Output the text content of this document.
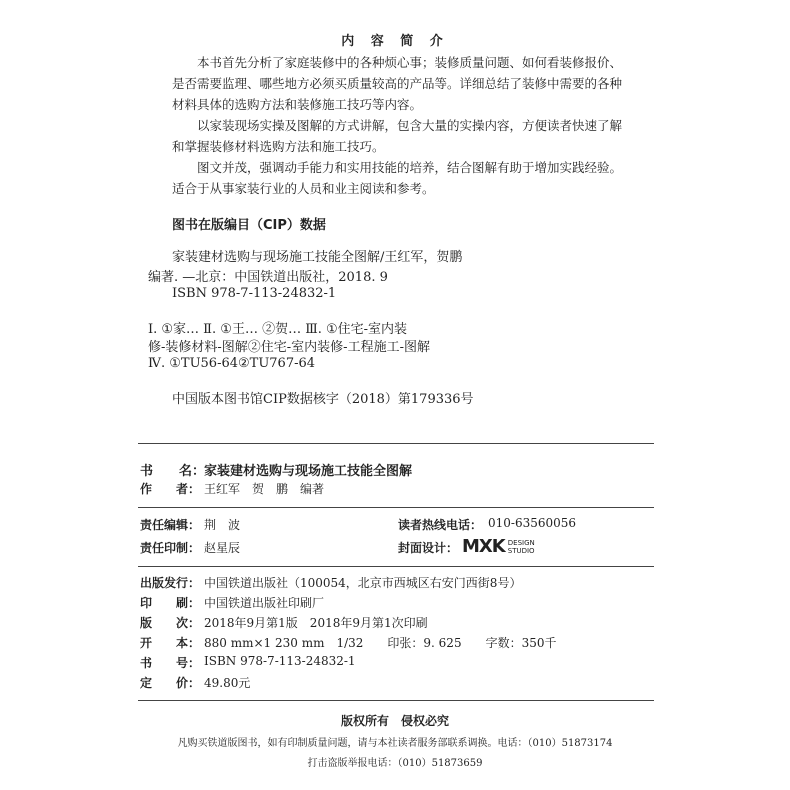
内 容 简 介

本书首先分析了家庭装修中的各种烦心事；装修质量问题、如何看装修报价、是否需要监理、哪些地方必须买质量较高的产品等。详细总结了装修中需要的各种材料具体的选购方法和装修施工技巧等内容。

以家装现场实操及图解的方式讲解，包含大量的实操内容，方便读者快速了解和掌握装修材料选购方法和施工技巧。

图文并茂，强调动手能力和实用技能的培养，结合图解有助于增加实践经验。适合于从事家装行业的人员和业主阅读和参考。

图书在版编目（CIP）数据
家装建材选购与现场施工技能全图解/王红军，贺鹏
编著. —北京：中国铁道出版社，2018. 9
ISBN 978-7-113-24832-1
Ⅰ. ①家… Ⅱ. ①王… ②贺… Ⅲ. ①住宅-室内装
修-装修材料-图解②住宅-室内装修-工程施工-图解
Ⅳ. ①TU56-64②TU767-64
中国版本图书馆CIP数据核字（2018）第179336号
书　　名：
家装建材选购与现场施工技能全图解
作　　者： 王红军　贺　鹏　编著
责任编辑： 荆　波	读者热线电话： 010-63560056
责任印制： 赵星辰	封面设计： MXK DESIGN
STUDIO
出版发行： 中国铁道出版社（100054，北京市西城区右安门西街8号）
印　　刷： 中国铁道出版社印刷厂
版　　次： 2018年9月第1版　2018年9月第1次印刷
开　　本： 880 mm×1 230 mm　1/32　　印张：9. 625　　字数：350千
书　　号： ISBN 978-7-113-24832-1
定　　价： 49.80元
版权所有　侵权必究
凡购买铁道版图书，如有印制质量问题，请与本社读者服务部联系调换。电话：（010）51873174
打击盗版举报电话：（010）51873659
